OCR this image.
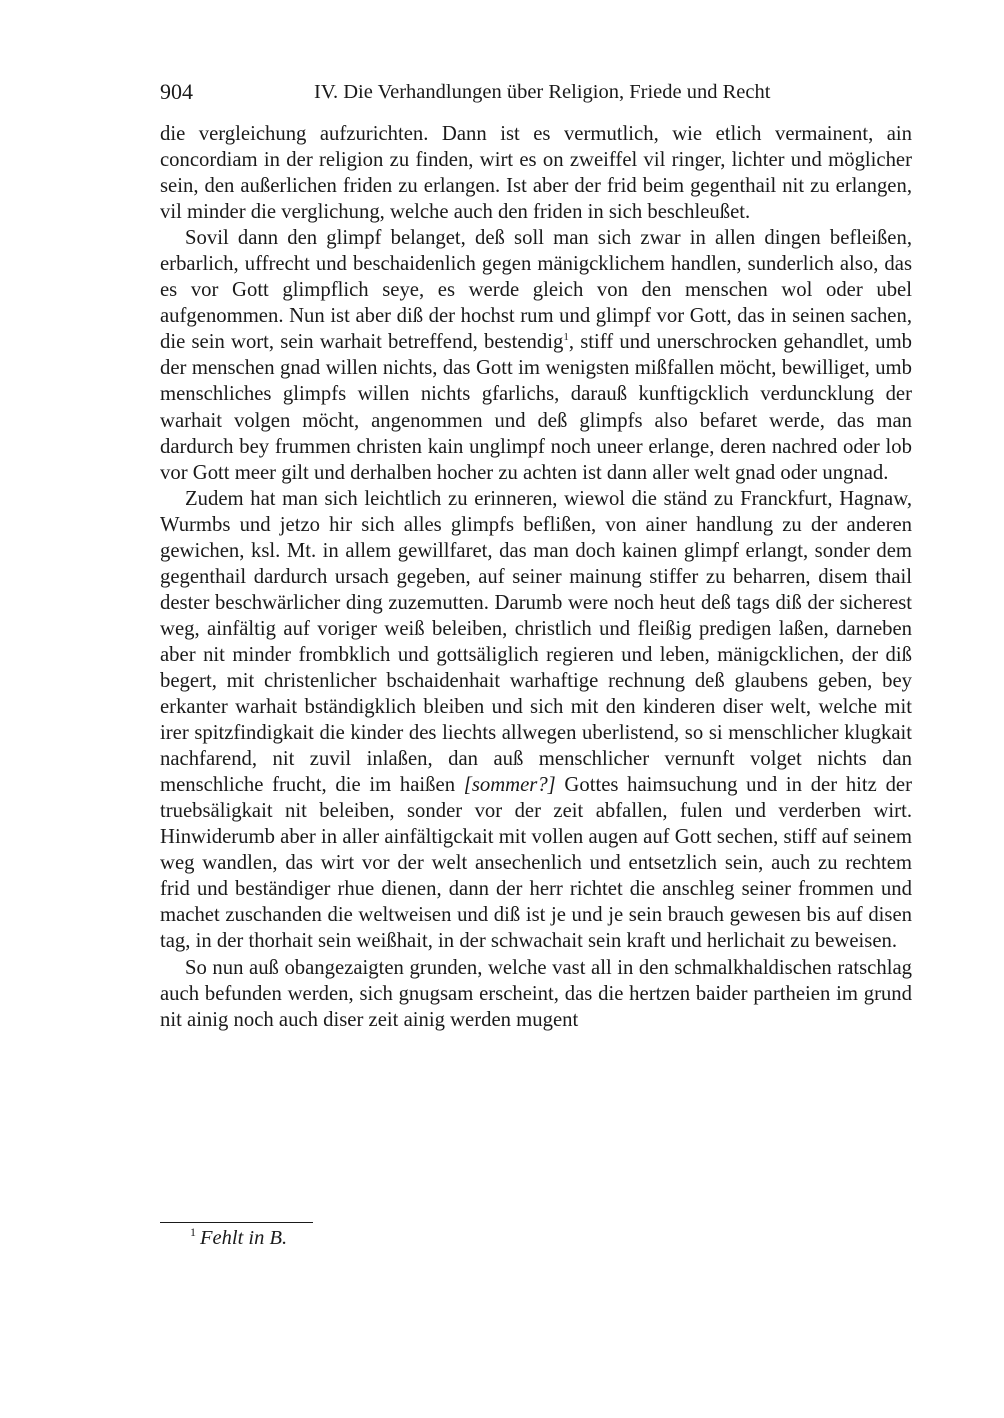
904	IV. Die Verhandlungen über Religion, Friede und Recht

die vergleichung aufzurichten. Dann ist es vermutlich, wie etlich vermainent, ain concordiam in der religion zu finden, wirt es on zweiffel vil ringer, lichter und möglicher sein, den außerlichen friden zu erlangen. Ist aber der frid beim gegenthail nit zu erlangen, vil minder die verglichung, welche auch den friden in sich beschleußet.

Sovil dann den glimpf belanget, deß soll man sich zwar in allen dingen befleißen, erbarlich, uffrecht und beschaidenlich gegen mänigcklichem handlen, sunderlich also, das es vor Gott glimpflich seye, es werde gleich von den menschen wol oder ubel aufgenommen. Nun ist aber diß der hochst rum und glimpf vor Gott, das in seinen sachen, die sein wort, sein warhait betreffend, bestendig$^1$, stiff und unerschrocken gehandlet, umb der menschen gnad willen nichts, das Gott im wenigsten mißfallen möcht, bewilliget, umb menschliches glimpfs willen nichts gfarlichs, darauß kunftigcklich verduncklung der warhait volgen möcht, angenommen und deß glimpfs also befaret werde, das man dardurch bey frummen christen kain unglimpf noch uneer erlange, deren nachred oder lob vor Gott meer gilt und derhalben hocher zu achten ist dann aller welt gnad oder ungnad.

Zudem hat man sich leichtlich zu erinneren, wiewol die ständ zu Franckfurt, Hagnaw, Wurmbs und jetzo hir sich alles glimpfs beflißen, von ainer handlung zu der anderen gewichen, ksl. Mt. in allem gewillfaret, das man doch kainen glimpf erlangt, sonder dem gegenthail dardurch ursach gegeben, auf seiner mainung stiffer zu beharren, disem thail dester beschwärlicher ding zuzemutten. Darumb were noch heut deß tags diß der sicherest weg, ainfältig auf voriger weiß beleiben, christlich und fleißig predigen laßen, darneben aber nit minder frombklich und gottsäliglich regieren und leben, mänigcklichen, der diß begert, mit christenlicher bschaidenhait warhaftige rechnung deß glaubens geben, bey erkanter warhait bständigklich bleiben und sich mit den kinderen diser welt, welche mit irer spitzfindigkait die kinder des liechts allwegen uberlistend, so si menschlicher klugkait nachfarend, nit zuvil inlaßen, dan auß menschlicher vernunft volget nichts dan menschliche frucht, die im haißen [sommer?] Gottes haimsuchung und in der hitz der truebsäligkait nit beleiben, sonder vor der zeit abfallen, fulen und verderben wirt. Hinwiderumb aber in aller ainfältigckait mit vollen augen auf Gott sechen, stiff auf seinem weg wandlen, das wirt vor der welt ansechenlich und entsetzlich sein, auch zu rechtem frid und beständiger rhue dienen, dann der herr richtet die anschleg seiner frommen und machet zuschanden die weltweisen und diß ist je und je sein brauch gewesen bis auf disen tag, in der thorhait sein weißhait, in der schwachait sein kraft und herlichait zu beweisen.

So nun auß obangezaigten grunden, welche vast all in den schmalkhaldischen ratschlag auch befunden werden, sich gnugsam erscheint, das die hertzen baider partheien im grund nit ainig noch auch diser zeit ainig werden mugent

$^1$ Fehlt in B.
